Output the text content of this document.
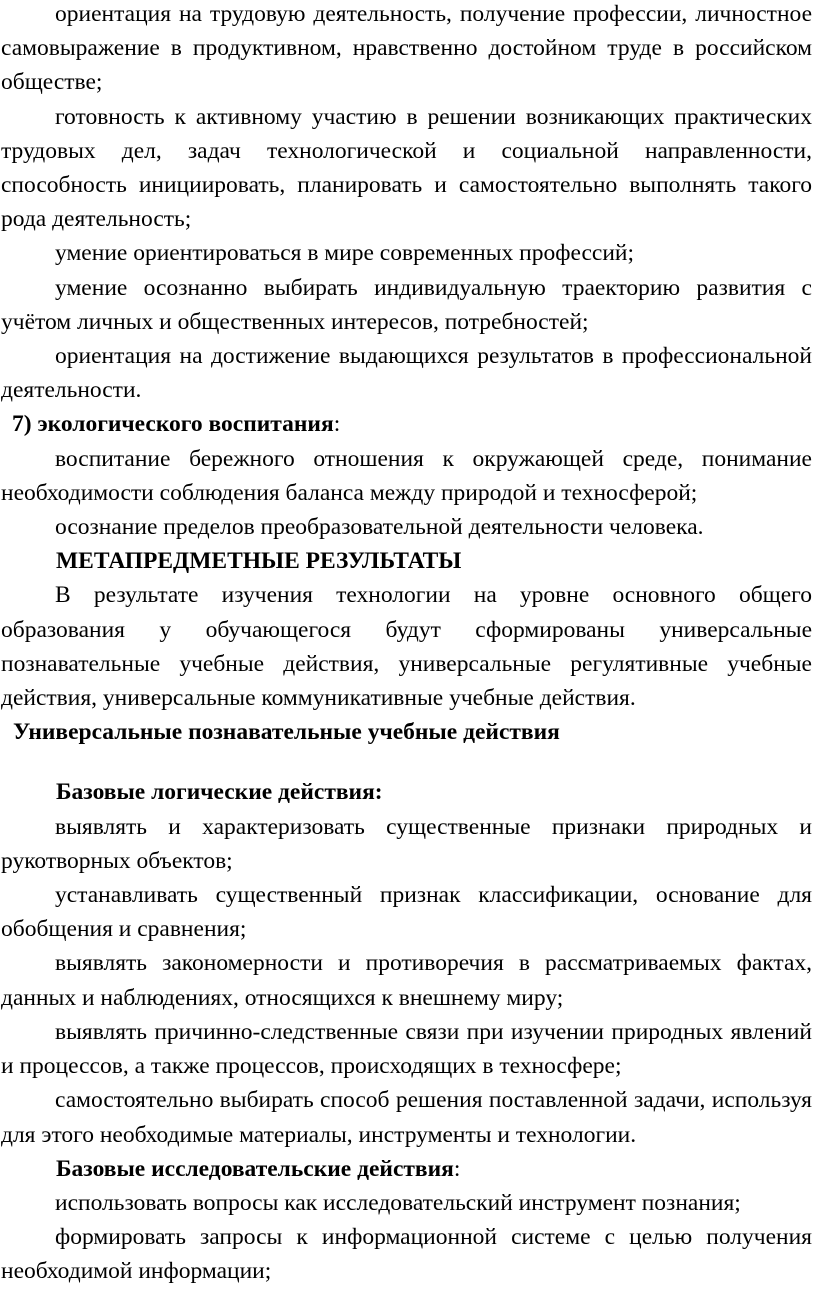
ориентация на трудовую деятельность, получение профессии, личностное самовыражение в продуктивном, нравственно достойном труде в российском обществе;

готовность к активному участию в решении возникающих практических трудовых дел, задач технологической и социальной направленности, способность инициировать, планировать и самостоятельно выполнять такого рода деятельность;

умение ориентироваться в мире современных профессий;

умение осознанно выбирать индивидуальную траекторию развития с учётом личных и общественных интересов, потребностей;

ориентация на достижение выдающихся результатов в профессиональной деятельности.

7) экологического воспитания:

воспитание бережного отношения к окружающей среде, понимание необходимости соблюдения баланса между природой и техносферой;

осознание пределов преобразовательной деятельности человека.

МЕТАПРЕДМЕТНЫЕ РЕЗУЛЬТАТЫ

В результате изучения технологии на уровне основного общего образования у обучающегося будут сформированы универсальные познавательные учебные действия, универсальные регулятивные учебные действия, универсальные коммуникативные учебные действия.

Универсальные познавательные учебные действия

Базовые логические действия:

выявлять и характеризовать существенные признаки природных и рукотворных объектов;

устанавливать существенный признак классификации, основание для обобщения и сравнения;

выявлять закономерности и противоречия в рассматриваемых фактах, данных и наблюдениях, относящихся к внешнему миру;

выявлять причинно-следственные связи при изучении природных явлений и процессов, а также процессов, происходящих в техносфере;

самостоятельно выбирать способ решения поставленной задачи, используя для этого необходимые материалы, инструменты и технологии.

Базовые исследовательские действия:

использовать вопросы как исследовательский инструмент познания;

формировать запросы к информационной системе с целью получения необходимой информации;
